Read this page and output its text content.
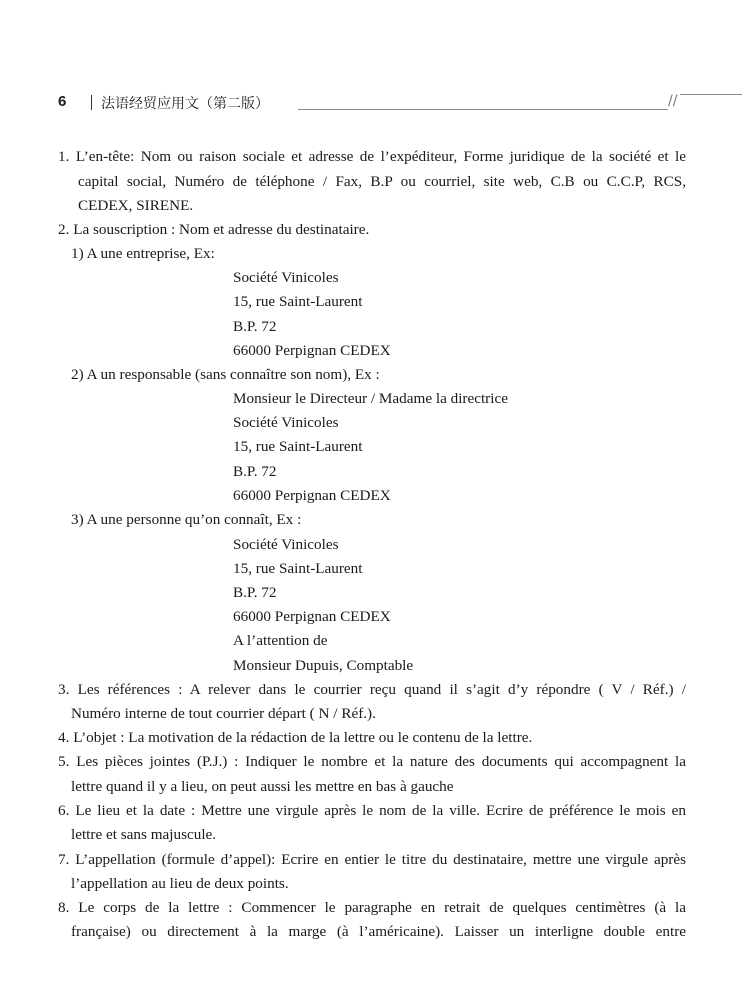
6 法语经贸应用文（第二版）	//
1. L’en-tête: Nom ou raison sociale et adresse de l’expéditeur, Forme juridique de la société et le
capital social, Numéro de téléphone / Fax, B.P ou courriel, site web, C.B ou C.C.P, RCS,
CEDEX, SIRENE.
2. La souscription : Nom et adresse du destinataire.
1) A une entreprise, Ex:
Société Vinicoles
15, rue Saint-Laurent
B.P. 72
66000 Perpignan CEDEX
2) A un responsable (sans connaître son nom), Ex :
Monsieur le Directeur / Madame la directrice
Société Vinicoles
15, rue Saint-Laurent
B.P. 72
66000 Perpignan CEDEX
3) A une personne qu’on connaît, Ex :
Société Vinicoles
15, rue Saint-Laurent
B.P. 72
66000 Perpignan CEDEX
A l’attention de
Monsieur Dupuis, Comptable
3. Les références : A relever dans le courrier reçu quand il s’agit d’y répondre ( V / Réf.) /
Numéro interne de tout courrier départ ( N / Réf.).
4. L’objet : La motivation de la rédaction de la lettre ou le contenu de la lettre.
5. Les pièces jointes (P.J.) : Indiquer le nombre et la nature des documents qui accompagnent la
lettre quand il y a lieu, on peut aussi les mettre en bas à gauche
6. Le lieu et la date : Mettre une virgule après le nom de la ville. Ecrire de préférence le mois en
lettre et sans majuscule.
7. L’appellation (formule d’appel): Ecrire en entier le titre du destinataire, mettre une virgule après
l’appellation au lieu de deux points.
8. Le corps de la lettre : Commencer le paragraphe en retrait de quelques centimètres (à la
française) ou directement à la marge (à l’américaine). Laisser un interligne double entre
